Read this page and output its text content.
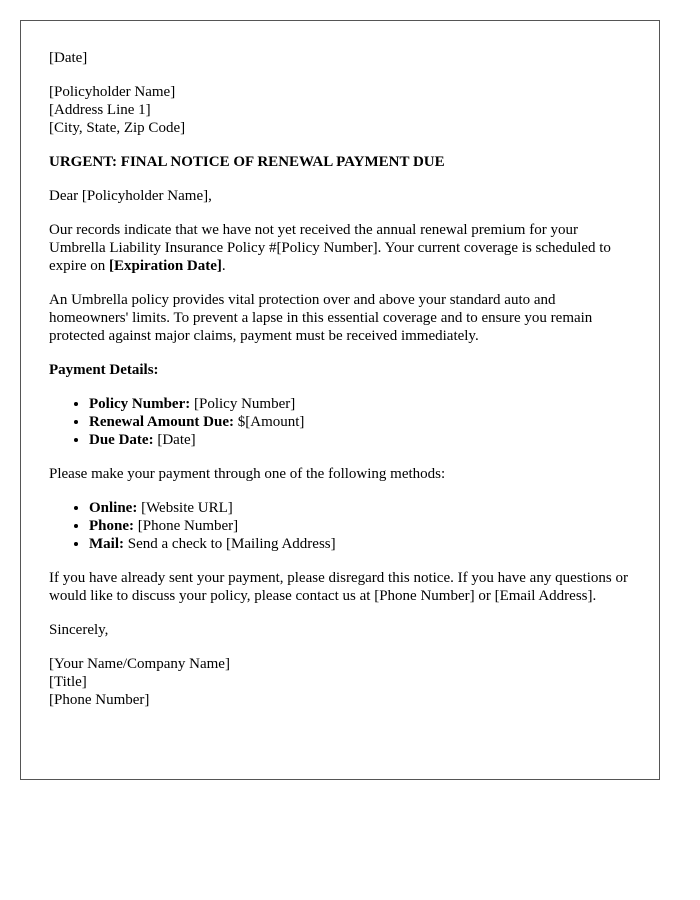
[Date]

[Policyholder Name]
[Address Line 1]
[City, State, Zip Code]
URGENT: FINAL NOTICE OF RENEWAL PAYMENT DUE

Dear [Policyholder Name],

Our records indicate that we have not yet received the annual renewal premium for your Umbrella Liability Insurance Policy #[Policy Number]. Your current coverage is scheduled to expire on [Expiration Date].

An Umbrella policy provides vital protection over and above your standard auto and homeowners' limits. To prevent a lapse in this essential coverage and to ensure you remain protected against major claims, payment must be received immediately.

Payment Details:
• Policy Number: [Policy Number]
• Renewal Amount Due: $[Amount]
• Due Date: [Date]

Please make your payment through one of the following methods:

• Online: [Website URL]
• Phone: [Phone Number]
• Mail: Send a check to [Mailing Address]

If you have already sent your payment, please disregard this notice. If you have any questions or would like to discuss your policy, please contact us at [Phone Number] or [Email Address].

Sincerely,

[Your Name/Company Name]
[Title]
[Phone Number]
